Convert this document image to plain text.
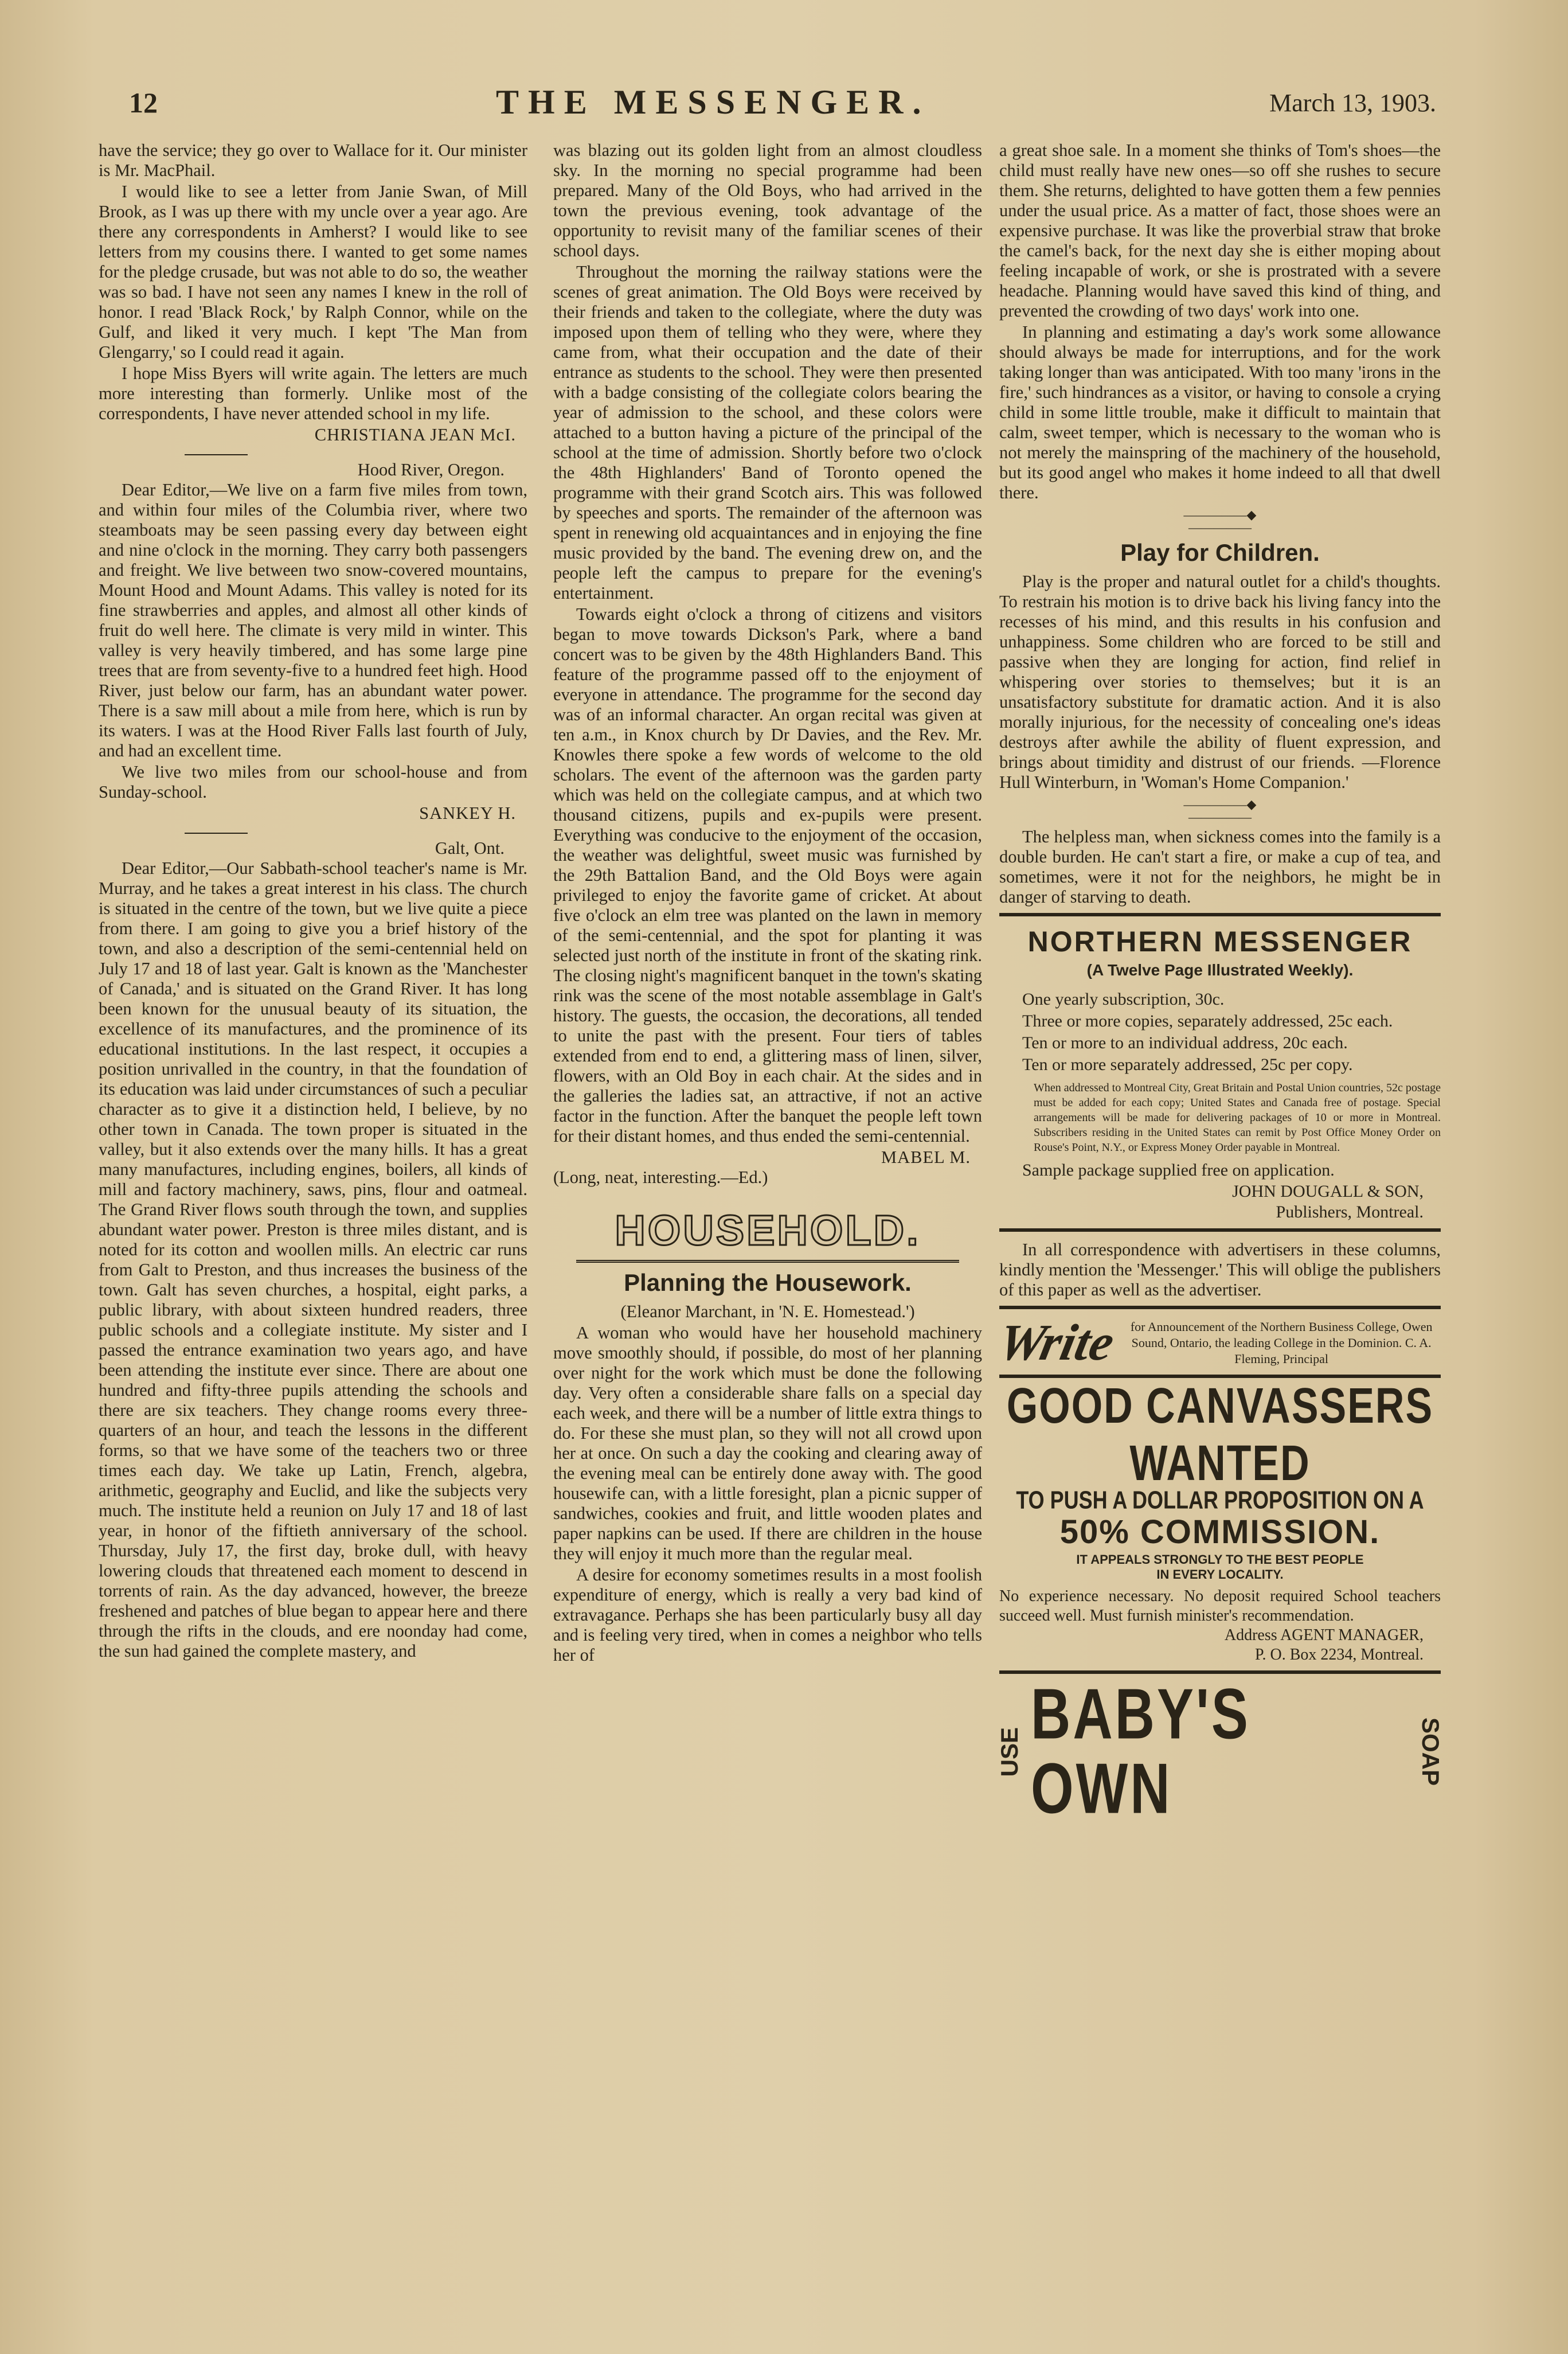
12	THE MESSENGER.	March 13, 1903.

have the service; they go over to Wallace for it. Our minister is Mr. MacPhail.

I would like to see a letter from Janie Swan, of Mill Brook, as I was up there with my uncle over a year ago. Are there any correspondents in Amherst? I would like to see letters from my cousins there. I wanted to get some names for the pledge crusade, but was not able to do so, the weather was so bad. I have not seen any names I knew in the roll of honor. I read 'Black Rock,' by Ralph Connor, while on the Gulf, and liked it very much. I kept 'The Man from Glengarry,' so I could read it again.

I hope Miss Byers will write again. The letters are much more interesting than formerly. Unlike most of the correspondents, I have never attended school in my life.

CHRISTIANA JEAN McI.
Hood River, Oregon.

Dear Editor,—We live on a farm five miles from town, and within four miles of the Columbia river, where two steamboats may be seen passing every day between eight and nine o'clock in the morning. They carry both passengers and freight. We live between two snow-covered mountains, Mount Hood and Mount Adams. This valley is noted for its fine strawberries and apples, and almost all other kinds of fruit do well here. The climate is very mild in winter. This valley is very heavily timbered, and has some large pine trees that are from seventy-five to a hundred feet high. Hood River, just below our farm, has an abundant water power. There is a saw mill about a mile from here, which is run by its waters. I was at the Hood River Falls last fourth of July, and had an excellent time.

We live two miles from our school-house and from Sunday-school.

SANKEY H.
Galt, Ont.

Dear Editor,—Our Sabbath-school teacher's name is Mr. Murray, and he takes a great interest in his class. The church is situated in the centre of the town, but we live quite a piece from there. I am going to give you a brief history of the town, and also a description of the semi-centennial held on July 17 and 18 of last year. Galt is known as the 'Manchester of Canada,' and is situated on the Grand River. It has long been known for the unusual beauty of its situation, the excellence of its manufactures, and the prominence of its educational institutions. In the last respect, it occupies a position unrivalled in the country, in that the foundation of its education was laid under circumstances of such a peculiar character as to give it a distinction held, I believe, by no other town in Canada. The town proper is situated in the valley, but it also extends over the many hills. It has a great many manufactures, including engines, boilers, all kinds of mill and factory machinery, saws, pins, flour and oatmeal. The Grand River flows south through the town, and supplies abundant water power. Preston is three miles distant, and is noted for its cotton and woollen mills. An electric car runs from Galt to Preston, and thus increases the business of the town. Galt has seven churches, a hospital, eight parks, a public library, with about sixteen hundred readers, three public schools and a collegiate institute. My sister and I passed the entrance examination two years ago, and have been attending the institute ever since. There are about one hundred and fifty-three pupils attending the schools and there are six teachers. They change rooms every three-quarters of an hour, and teach the lessons in the different forms, so that we have some of the teachers two or three times each day. We take up Latin, French, algebra, arithmetic, geography and Euclid, and like the subjects very much. The institute held a reunion on July 17 and 18 of last year, in honor of the fiftieth anniversary of the school. Thursday, July 17, the first day, broke dull, with heavy lowering clouds that threatened each moment to descend in torrents of rain. As the day advanced, however, the breeze freshened and patches of blue began to appear here and there through the rifts in the clouds, and ere noonday had come, the sun had gained the complete mastery, and

was blazing out its golden light from an almost cloudless sky. In the morning no special programme had been prepared. Many of the Old Boys, who had arrived in the town the previous evening, took advantage of the opportunity to revisit many of the familiar scenes of their school days.

Throughout the morning the railway stations were the scenes of great animation. The Old Boys were received by their friends and taken to the collegiate, where the duty was imposed upon them of telling who they were, where they came from, what their occupation and the date of their entrance as students to the school. They were then presented with a badge consisting of the collegiate colors bearing the year of admission to the school, and these colors were attached to a button having a picture of the principal of the school at the time of admission. Shortly before two o'clock the 48th Highlanders' Band of Toronto opened the programme with their grand Scotch airs. This was followed by speeches and sports. The remainder of the afternoon was spent in renewing old acquaintances and in enjoying the fine music provided by the band. The evening drew on, and the people left the campus to prepare for the evening's entertainment.

Towards eight o'clock a throng of citizens and visitors began to move towards Dickson's Park, where a band concert was to be given by the 48th Highlanders Band. This feature of the programme passed off to the enjoyment of everyone in attendance. The programme for the second day was of an informal character. An organ recital was given at ten a.m., in Knox church by Dr Davies, and the Rev. Mr. Knowles there spoke a few words of welcome to the old scholars. The event of the afternoon was the garden party which was held on the collegiate campus, and at which two thousand citizens, pupils and ex-pupils were present. Everything was conducive to the enjoyment of the occasion, the weather was delightful, sweet music was furnished by the 29th Battalion Band, and the Old Boys were again privileged to enjoy the favorite game of cricket. At about five o'clock an elm tree was planted on the lawn in memory of the semi-centennial, and the spot for planting it was selected just north of the institute in front of the skating rink. The closing night's magnificent banquet in the town's skating rink was the scene of the most notable assemblage in Galt's history. The guests, the occasion, the decorations, all tended to unite the past with the present. Four tiers of tables extended from end to end, a glittering mass of linen, silver, flowers, with an Old Boy in each chair. At the sides and in the galleries the ladies sat, an attractive, if not an active factor in the function. After the banquet the people left town for their distant homes, and thus ended the semi-centennial.

MABEL M.

(Long, neat, interesting.—Ed.)

HOUSEHOLD.
Planning the Housework.

(Eleanor Marchant, in 'N. E. Homestead.')

A woman who would have her household machinery move smoothly should, if possible, do most of her planning over night for the work which must be done the following day. Very often a considerable share falls on a special day each week, and there will be a number of little extra things to do. For these she must plan, so they will not all crowd upon her at once. On such a day the cooking and clearing away of the evening meal can be entirely done away with. The good housewife can, with a little foresight, plan a picnic supper of sandwiches, cookies and fruit, and little wooden plates and paper napkins can be used. If there are children in the house they will enjoy it much more than the regular meal.

A desire for economy sometimes results in a most foolish expenditure of energy, which is really a very bad kind of extravagance. Perhaps she has been particularly busy all day and is feeling very tired, when in comes a neighbor who tells her of

a great shoe sale. In a moment she thinks of Tom's shoes—the child must really have new ones—so off she rushes to secure them. She returns, delighted to have gotten them a few pennies under the usual price. As a matter of fact, those shoes were an expensive purchase. It was like the proverbial straw that broke the camel's back, for the next day she is either moping about feeling incapable of work, or she is prostrated with a severe headache. Planning would have saved this kind of thing, and prevented the crowding of two days' work into one.

In planning and estimating a day's work some allowance should always be made for interruptions, and for the work taking longer than was anticipated. With too many 'irons in the fire,' such hindrances as a visitor, or having to console a crying child in some little trouble, make it difficult to maintain that calm, sweet temper, which is necessary to the woman who is not merely the mainspring of the machinery of the household, but its good angel who makes it home indeed to all that dwell there.

—————◆—————
Play for Children.

Play is the proper and natural outlet for a child's thoughts. To restrain his motion is to drive back his living fancy into the recesses of his mind, and this results in his confusion and unhappiness. Some children who are forced to be still and passive when they are longing for action, find relief in whispering over stories to themselves; but it is an unsatisfactory substitute for dramatic action. And it is also morally injurious, for the necessity of concealing one's ideas destroys after awhile the ability of fluent expression, and brings about timidity and distrust of our friends. —Florence Hull Winterburn, in 'Woman's Home Companion.'

—————◆—————

The helpless man, when sickness comes into the family is a double burden. He can't start a fire, or make a cup of tea, and sometimes, were it not for the neighbors, he might be in danger of starving to death.

NORTHERN MESSENGER
(A Twelve Page Illustrated Weekly).
One yearly subscription, 30c.
Three or more copies, separately addressed, 25c each.
Ten or more to an individual address, 20c each.
Ten or more separately addressed, 25c per copy.
When addressed to Montreal City, Great Britain and Postal Union countries, 52c postage must be added for each copy; United States and Canada free of postage. Special arrangements will be made for delivering packages of 10 or more in Montreal. Subscribers residing in the United States can remit by Post Office Money Order on Rouse's Point, N.Y., or Express Money Order payable in Montreal.
Sample package supplied free on application.
JOHN DOUGALL & SON,
Publishers, Montreal.

In all correspondence with advertisers in these columns, kindly mention the 'Messenger.' This will oblige the publishers of this paper as well as the advertiser.

Write for Announcement of the Northern Business College, Owen Sound, Ontario, the leading College in the Dominion. C. A. Fleming, Principal
GOOD CANVASSERS WANTED
TO PUSH A DOLLAR PROPOSITION ON A
50% COMMISSION.
IT APPEALS STRONGLY TO THE BEST PEOPLE
IN EVERY LOCALITY.
No experience necessary. No deposit required School teachers succeed well. Must furnish minister's recommendation.
Address AGENT MANAGER,
P. O. Box 2234, Montreal.
USE BABY'S OWN	SOAP
